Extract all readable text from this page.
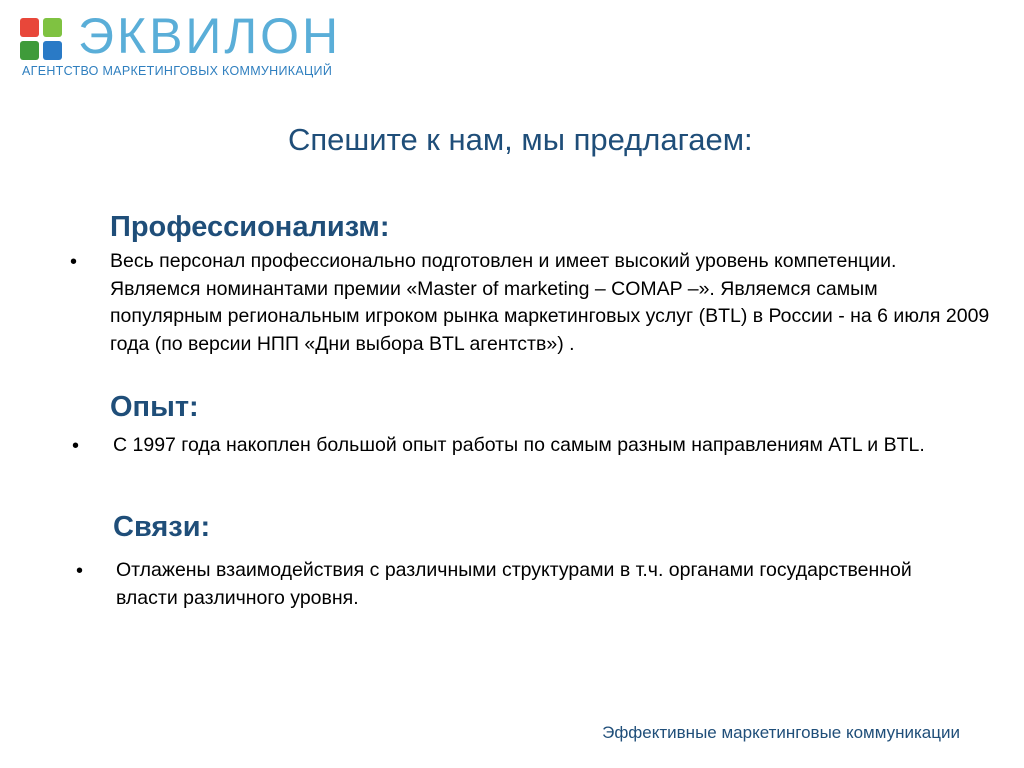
ЭКВИЛОН
АГЕНТСТВО МАРКЕТИНГОВЫХ КОММУНИКАЦИЙ
Спешите к нам, мы предлагаем:
Профессионализм:
• Весь персонал профессионально подготовлен и имеет высокий уровень компетенции. Являемся номинантами премии «Master of marketing – COMAP –». Являемся самым популярным региональным игроком рынка маркетинговых услуг (BTL) в России - на 6 июля 2009 года (по версии НПП «Дни выбора BTL агентств») .
Опыт:
• С 1997 года накоплен большой опыт работы по самым разным направлениям ATL и BTL.
Связи:
• Отлажены взаимодействия с различными структурами в т.ч. органами государственной власти различного уровня.
Эффективные маркетинговые коммуникации
